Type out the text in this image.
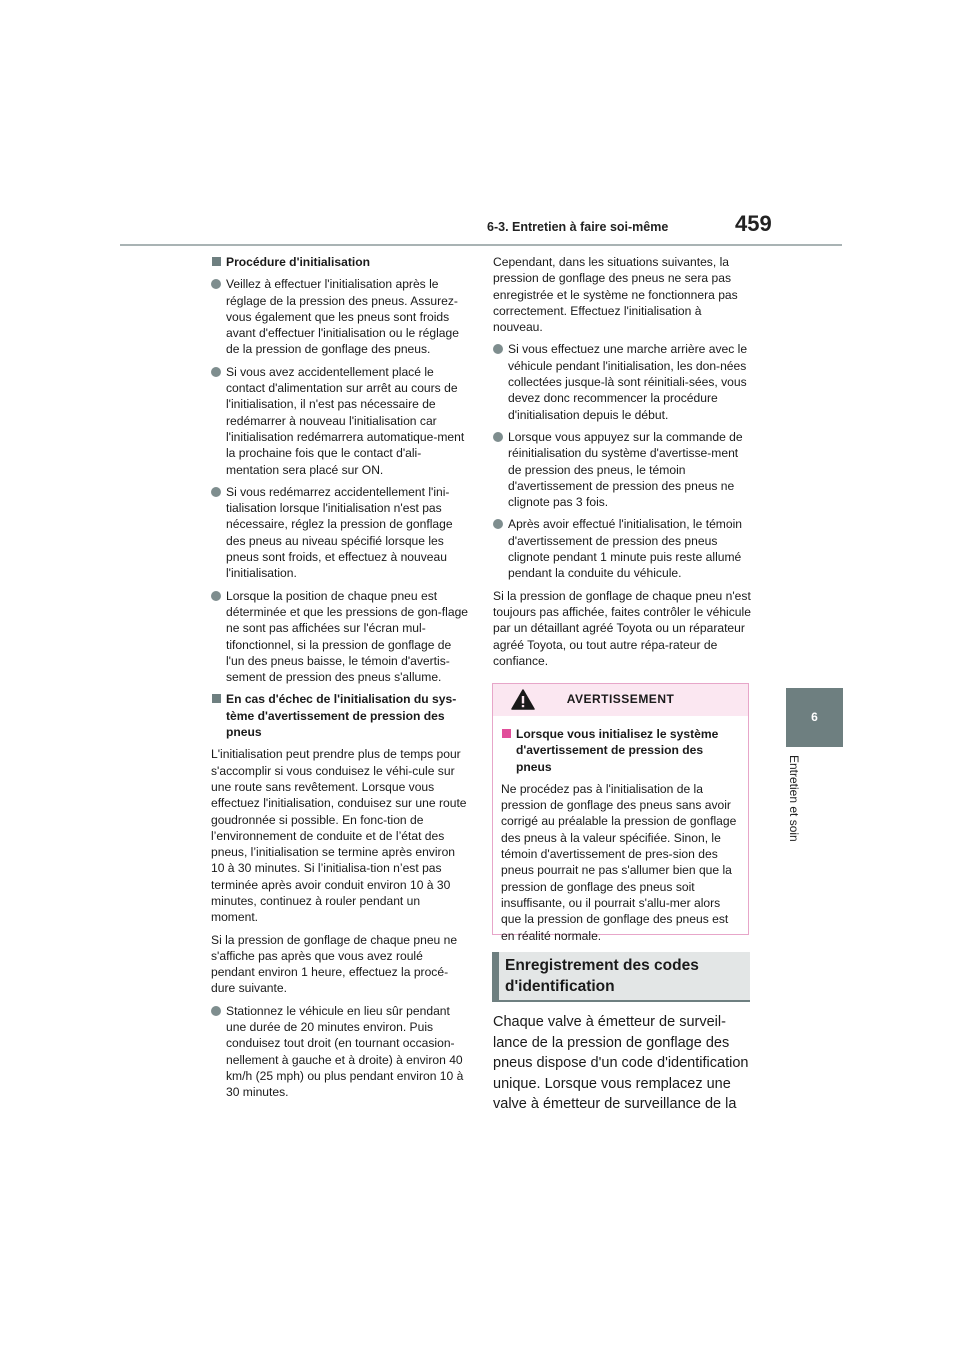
6-3. Entretien à faire soi-même	459
6
Entretien et soin
Procédure d'initialisation
Veillez à effectuer l'initialisation après le réglage de la pression des pneus. Assurez-vous également que les pneus sont froids avant d'effectuer l'initialisation ou le réglage de la pression de gonflage des pneus.
Si vous avez accidentellement placé le contact d'alimentation sur arrêt au cours de l'initialisation, il n'est pas nécessaire de redémarrer à nouveau l'initialisation car l'initialisation redémarrera automatique-ment la prochaine fois que le contact d'ali-mentation sera placé sur ON.
Si vous redémarrez accidentellement l'ini-tialisation lorsque l'initialisation n'est pas nécessaire, réglez la pression de gonflage des pneus au niveau spécifié lorsque les pneus sont froids, et effectuez à nouveau l'initialisation.
Lorsque la position de chaque pneu est déterminée et que les pressions de gon-flage ne sont pas affichées sur l'écran mul-tifonctionnel, si la pression de gonflage de l'un des pneus baisse, le témoin d'avertis-sement de pression des pneus s'allume.
En cas d'échec de l'initialisation du sys-tème d'avertissement de pression des pneus

L'initialisation peut prendre plus de temps pour s'accomplir si vous conduisez le véhi-cule sur une route sans revêtement. Lorsque vous effectuez l'initialisation, conduisez sur une route goudronnée si possible. En fonc-tion de l’environnement de conduite et de l’état des pneus, l’initialisation se termine après environ 10 à 30 minutes. Si l’initialisa-tion n’est pas terminée après avoir conduit environ 10 à 30 minutes, continuez à rouler pendant un moment.

Si la pression de gonflage de chaque pneu ne s'affiche pas après que vous avez roulé pendant environ 1 heure, effectuez la procé-dure suivante.

Stationnez le véhicule en lieu sûr pendant une durée de 20 minutes environ. Puis conduisez tout droit (en tournant occasion-nellement à gauche et à droite) à environ 40 km/h (25 mph) ou plus pendant environ 10 à 30 minutes.

Cependant, dans les situations suivantes, la pression de gonflage des pneus ne sera pas enregistrée et le système ne fonctionnera pas correctement. Effectuez l'initialisation à nouveau.

Si vous effectuez une marche arrière avec le véhicule pendant l'initialisation, les don-nées collectées jusque-là sont réinitiali-sées, vous devez donc recommencer la procédure d'initialisation depuis le début.
Lorsque vous appuyez sur la commande de réinitialisation du système d'avertisse-ment de pression des pneus, le témoin d'avertissement de pression des pneus ne clignote pas 3 fois.
Après avoir effectué l'initialisation, le témoin d'avertissement de pression des pneus clignote pendant 1 minute puis reste allumé pendant la conduite du véhicule.

Si la pression de gonflage de chaque pneu n'est toujours pas affichée, faites contrôler le véhicule par un détaillant agréé Toyota ou un réparateur agréé Toyota, ou tout autre répa-rateur de confiance.

AVERTISSEMENT
Lorsque vous initialisez le système d'avertissement de pression des pneus

Ne procédez pas à l'initialisation de la pression de gonflage des pneus sans avoir corrigé au préalable la pression de gonflage des pneus à la valeur spécifiée. Sinon, le témoin d'avertissement de pres-sion des pneus pourrait ne pas s'allumer bien que la pression de gonflage des pneus soit insuffisante, ou il pourrait s'allu-mer alors que la pression de gonflage des pneus est en réalité normale.

Enregistrement des codes d'identification
Chaque valve à émetteur de surveil-lance de la pression de gonflage des pneus dispose d'un code d'identification unique. Lorsque vous remplacez une valve à émetteur de surveillance de la
